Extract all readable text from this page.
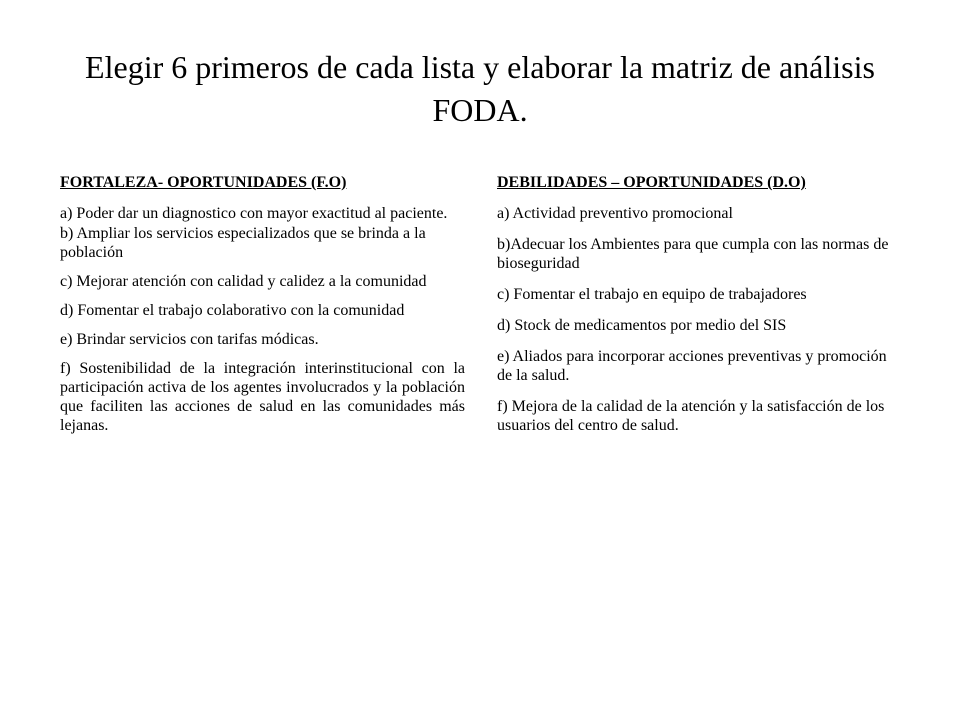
Elegir 6 primeros de cada lista y elaborar la matriz de análisis FODA.
FORTALEZA- OPORTUNIDADES (F.O)
a) Poder dar un diagnostico con mayor exactitud al paciente.
b) Ampliar los servicios especializados que se brinda a la población
c) Mejorar atención con calidad y calidez a la comunidad
d) Fomentar el trabajo colaborativo con la comunidad
e) Brindar servicios con tarifas módicas.
f) Sostenibilidad de la integración interinstitucional con la participación activa de los agentes involucrados y la población que faciliten las acciones de salud en las comunidades más lejanas.
DEBILIDADES – OPORTUNIDADES (D.O)
a) Actividad preventivo promocional
b)Adecuar los Ambientes para que cumpla con las normas de bioseguridad
c) Fomentar el trabajo en equipo de trabajadores
d) Stock de medicamentos por medio del SIS
e) Aliados para incorporar acciones preventivas y promoción de la salud.
f) Mejora de la calidad de la atención y la satisfacción de los usuarios del centro de salud.
